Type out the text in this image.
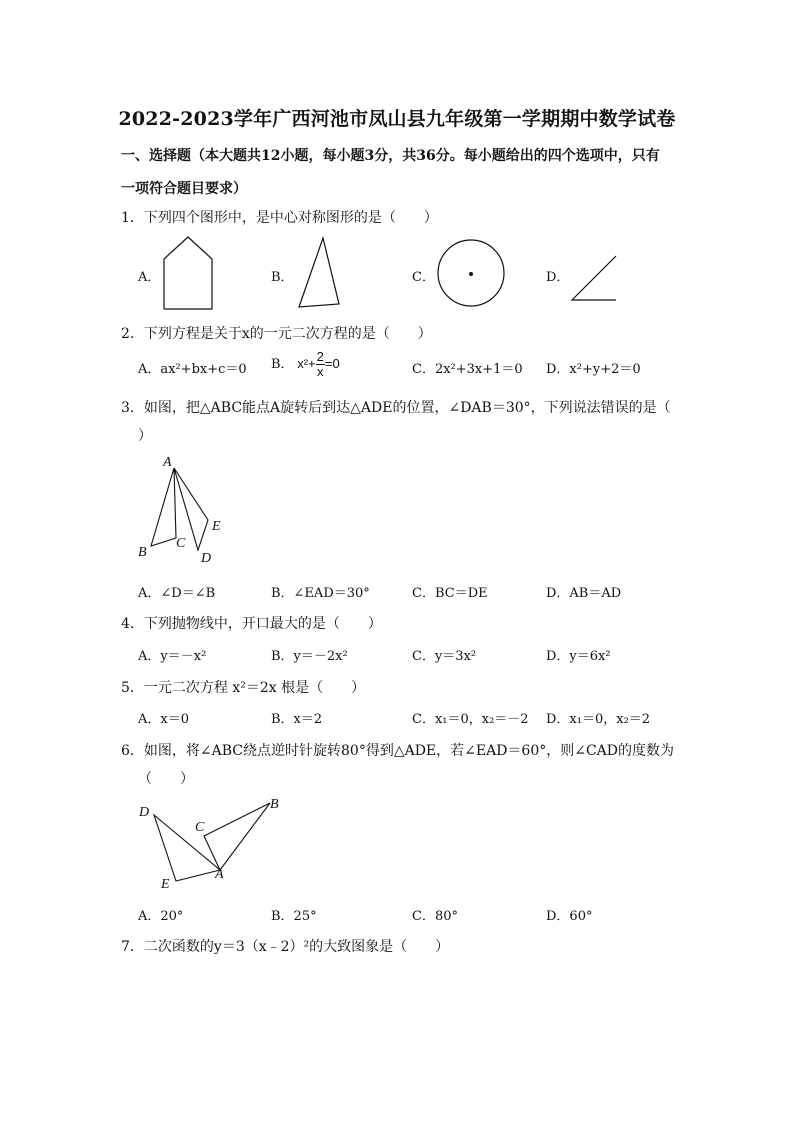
2022-2023学年广西河池市凤山县九年级第一学期期中数学试卷
一、选择题（本大题共12小题，每小题3分，共36分。每小题给出的四个选项中，只有
一项符合题目要求）
1．下列四个图形中，是中心对称图形的是（　　）
A．	B．	C．	D．
2．下列方程是关于x的一元二次方程的是（　　）
A．ax²+bx+c＝0 B． $x^2+ \frac{2}{x} =0$	C．2x²+3x+1＝0 D．x²+y+2＝0
3．如图，把△ABC能点A旋转后到达△ADE的位置，∠DAB＝30°，下列说法错误的是（
）
A
B
C
D
E
A．∠D＝∠B	B．∠EAD＝30°	C．BC＝DE	D．AB＝AD
4．下列抛物线中，开口最大的是（　　）
A．y＝－x²	B．y＝－2x²	C．y＝3x²	D．y＝6x²
5．一元二次方程 x²＝2x 根是（　　）
A．x＝0	B．x＝2	C．x₁＝0，x₂＝－2 D．x₁＝0，x₂＝2
6．如图，将∠ABC绕点逆时针旋转80°得到△ADE，若∠EAD＝60°，则∠CAD的度数为
（　　）
D
B
C
E
A
A．20°	B．25°	C．80°	D．60°
7．二次函数的y＝3（x﹣2）²的大致图象是（　　）
